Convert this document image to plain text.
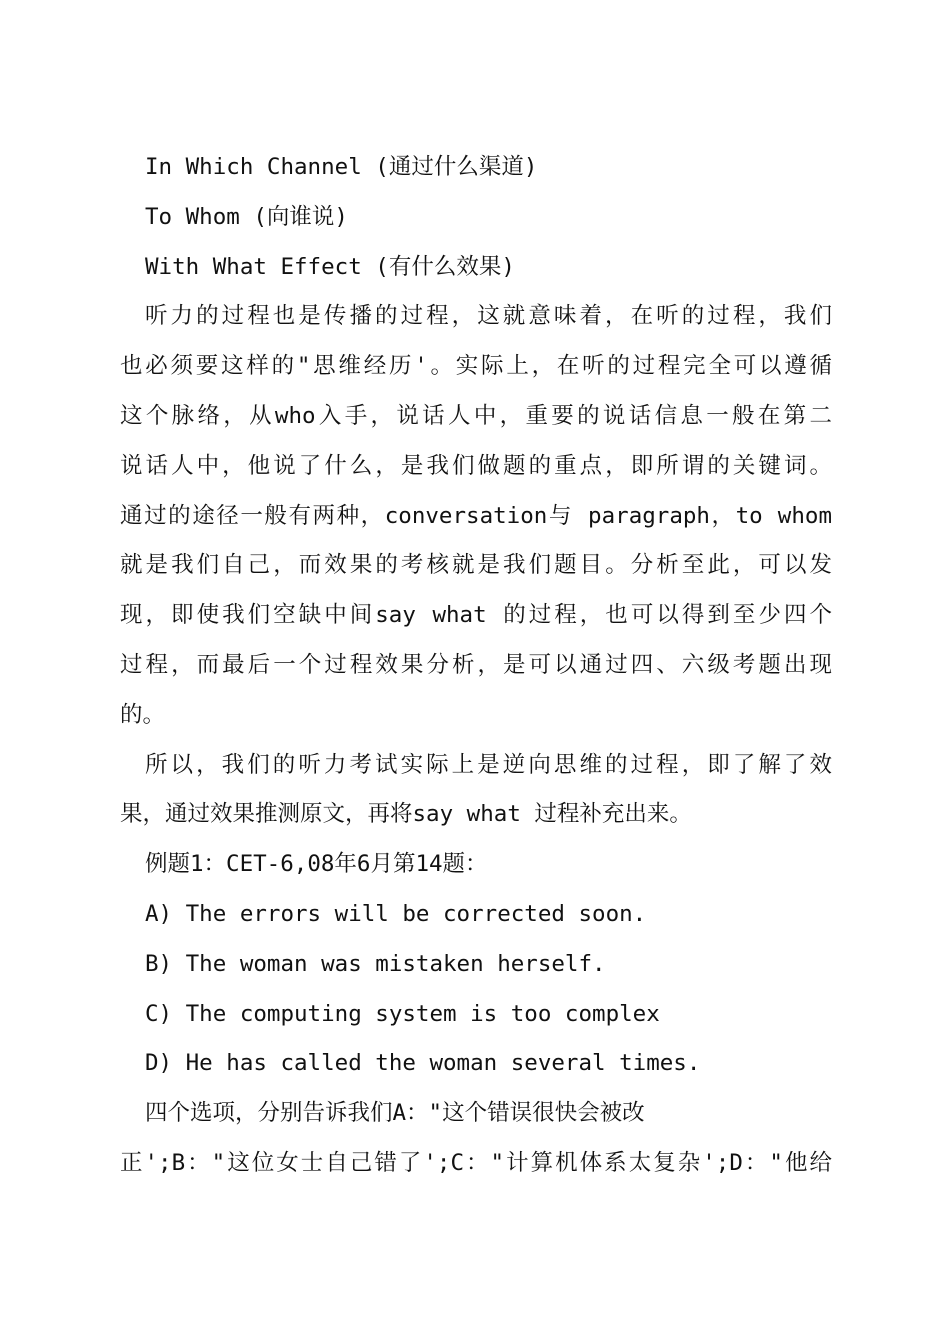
In Which Channel (通过什么渠道)
To Whom (向谁说)
With What Effect (有什么效果)
听力的过程也是传播的过程，这就意味着，在听的过程，我们
也必须要这样的"思维经历'。实际上，在听的过程完全可以遵循
这个脉络，从who入手，说话人中，重要的说话信息一般在第二
说话人中，他说了什么，是我们做题的重点，即所谓的关键词。
通过的途径一般有两种，conversation与 paragraph，to whom
就是我们自己，而效果的考核就是我们题目。分析至此，可以发
现，即使我们空缺中间say what 的过程，也可以得到至少四个
过程，而最后一个过程效果分析，是可以通过四、六级考题出现
的。
所以，我们的听力考试实际上是逆向思维的过程，即了解了效
果，通过效果推测原文，再将say what 过程补充出来。
例题1：CET-6,08年6月第14题：
A) The errors will be corrected soon.
B) The woman was mistaken herself.
C) The computing system is too complex
D) He has called the woman several times.
四个选项，分别告诉我们A："这个错误很快会被改
正';B："这位女士自己错了';C："计算机体系太复杂';D："他给
